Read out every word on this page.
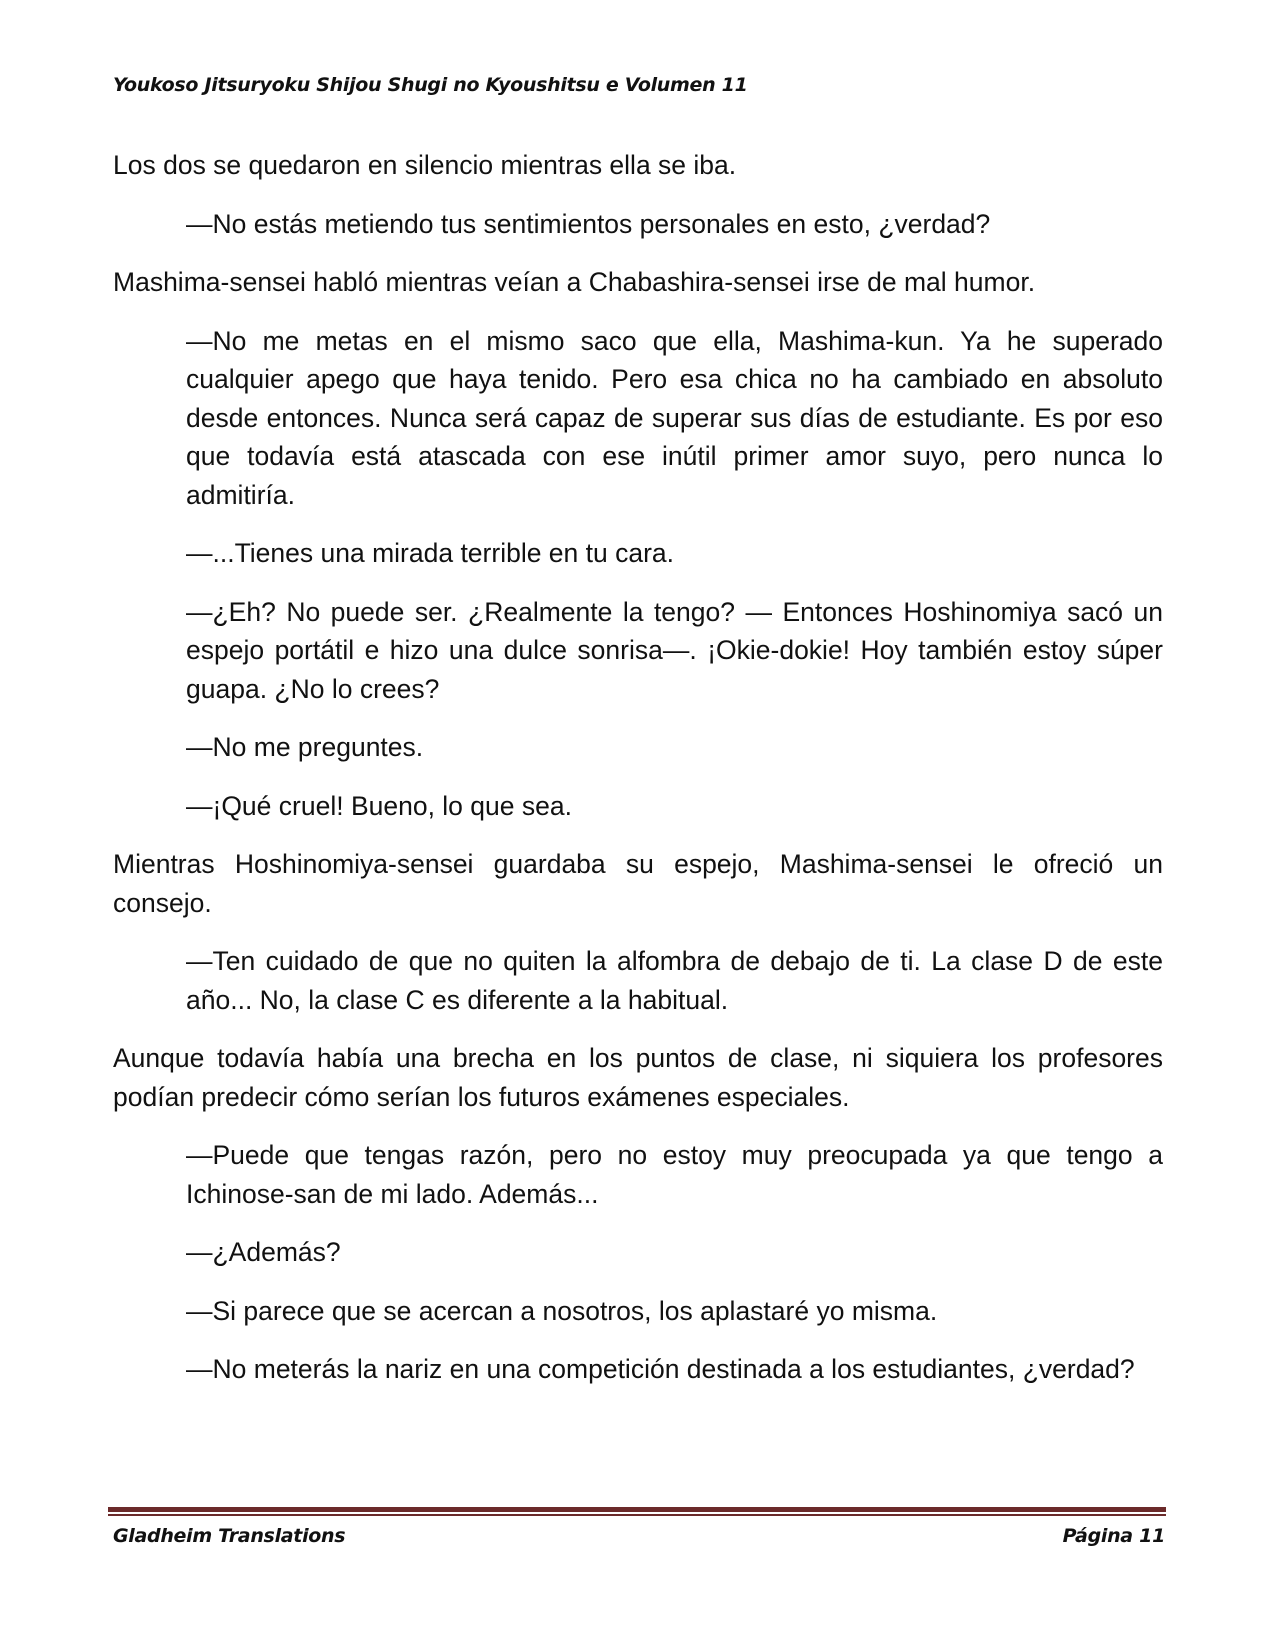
Youkoso Jitsuryoku Shijou Shugi no Kyoushitsu e Volumen 11

Los dos se quedaron en silencio mientras ella se iba.

—No estás metiendo tus sentimientos personales en esto, ¿verdad?

Mashima-sensei habló mientras veían a Chabashira-sensei irse de mal humor.

—No me metas en el mismo saco que ella, Mashima-kun. Ya he superado cualquier apego que haya tenido. Pero esa chica no ha cambiado en absoluto desde entonces. Nunca será capaz de superar sus días de estudiante. Es por eso que todavía está atascada con ese inútil primer amor suyo, pero nunca lo admitiría.

—...Tienes una mirada terrible en tu cara.

—¿Eh? No puede ser. ¿Realmente la tengo? — Entonces Hoshinomiya sacó un espejo portátil e hizo una dulce sonrisa—. ¡Okie-dokie! Hoy también estoy súper guapa. ¿No lo crees?

—No me preguntes.

—¡Qué cruel! Bueno, lo que sea.

Mientras Hoshinomiya-sensei guardaba su espejo, Mashima-sensei le ofreció un consejo.

—Ten cuidado de que no quiten la alfombra de debajo de ti. La clase D de este año... No, la clase C es diferente a la habitual.

Aunque todavía había una brecha en los puntos de clase, ni siquiera los profesores podían predecir cómo serían los futuros exámenes especiales.

—Puede que tengas razón, pero no estoy muy preocupada ya que tengo a Ichinose-san de mi lado. Además...

—¿Además?

—Si parece que se acercan a nosotros, los aplastaré yo misma.

—No meterás la nariz en una competición destinada a los estudiantes, ¿verdad?

Gladheim Translations	Página 11
